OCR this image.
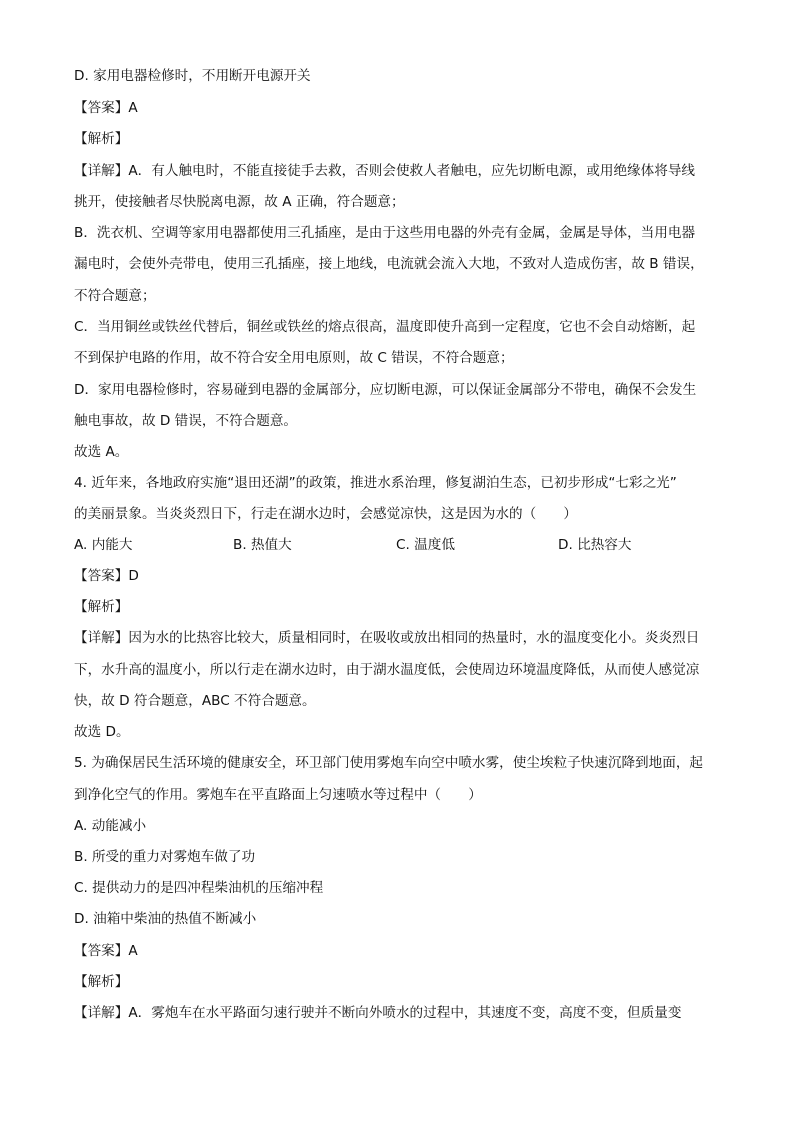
D. 家用电器检修时，不用断开电源开关
【答案】A
【解析】
【详解】A．有人触电时，不能直接徒手去救，否则会使救人者触电，应先切断电源，或用绝缘体将导线
挑开，使接触者尽快脱离电源，故 A 正确，符合题意；
B．洗衣机、空调等家用电器都使用三孔插座，是由于这些用电器的外壳有金属，金属是导体，当用电器
漏电时，会使外壳带电，使用三孔插座，接上地线，电流就会流入大地，不致对人造成伤害，故 B 错误，
不符合题意；
C．当用铜丝或铁丝代替后，铜丝或铁丝的熔点很高，温度即使升高到一定程度，它也不会自动熔断，起
不到保护电路的作用，故不符合安全用电原则，故 C 错误，不符合题意；
D．家用电器检修时，容易碰到电器的金属部分，应切断电源，可以保证金属部分不带电，确保不会发生
触电事故，故 D 错误，不符合题意。
故选 A。
4. 近年来，各地政府实施“退田还湖”的政策，推进水系治理，修复湖泊生态，已初步形成“七彩之光”
的美丽景象。当炎炎烈日下，行走在湖水边时，会感觉凉快，这是因为水的（　　）
A. 内能大	B. 热值大	C. 温度低	D. 比热容大
【答案】D
【解析】
【详解】因为水的比热容比较大，质量相同时，在吸收或放出相同的热量时，水的温度变化小。炎炎烈日
下，水升高的温度小，所以行走在湖水边时，由于湖水温度低，会使周边环境温度降低，从而使人感觉凉
快，故 D 符合题意，ABC 不符合题意。
故选 D。
5. 为确保居民生活环境的健康安全，环卫部门使用雾炮车向空中喷水雾，使尘埃粒子快速沉降到地面，起
到净化空气的作用。雾炮车在平直路面上匀速喷水等过程中（　　）
A. 动能减小
B. 所受的重力对雾炮车做了功
C. 提供动力的是四冲程柴油机的压缩冲程
D. 油箱中柴油的热值不断减小
【答案】A
【解析】
【详解】A．雾炮车在水平路面匀速行驶并不断向外喷水的过程中，其速度不变，高度不变，但质量变
